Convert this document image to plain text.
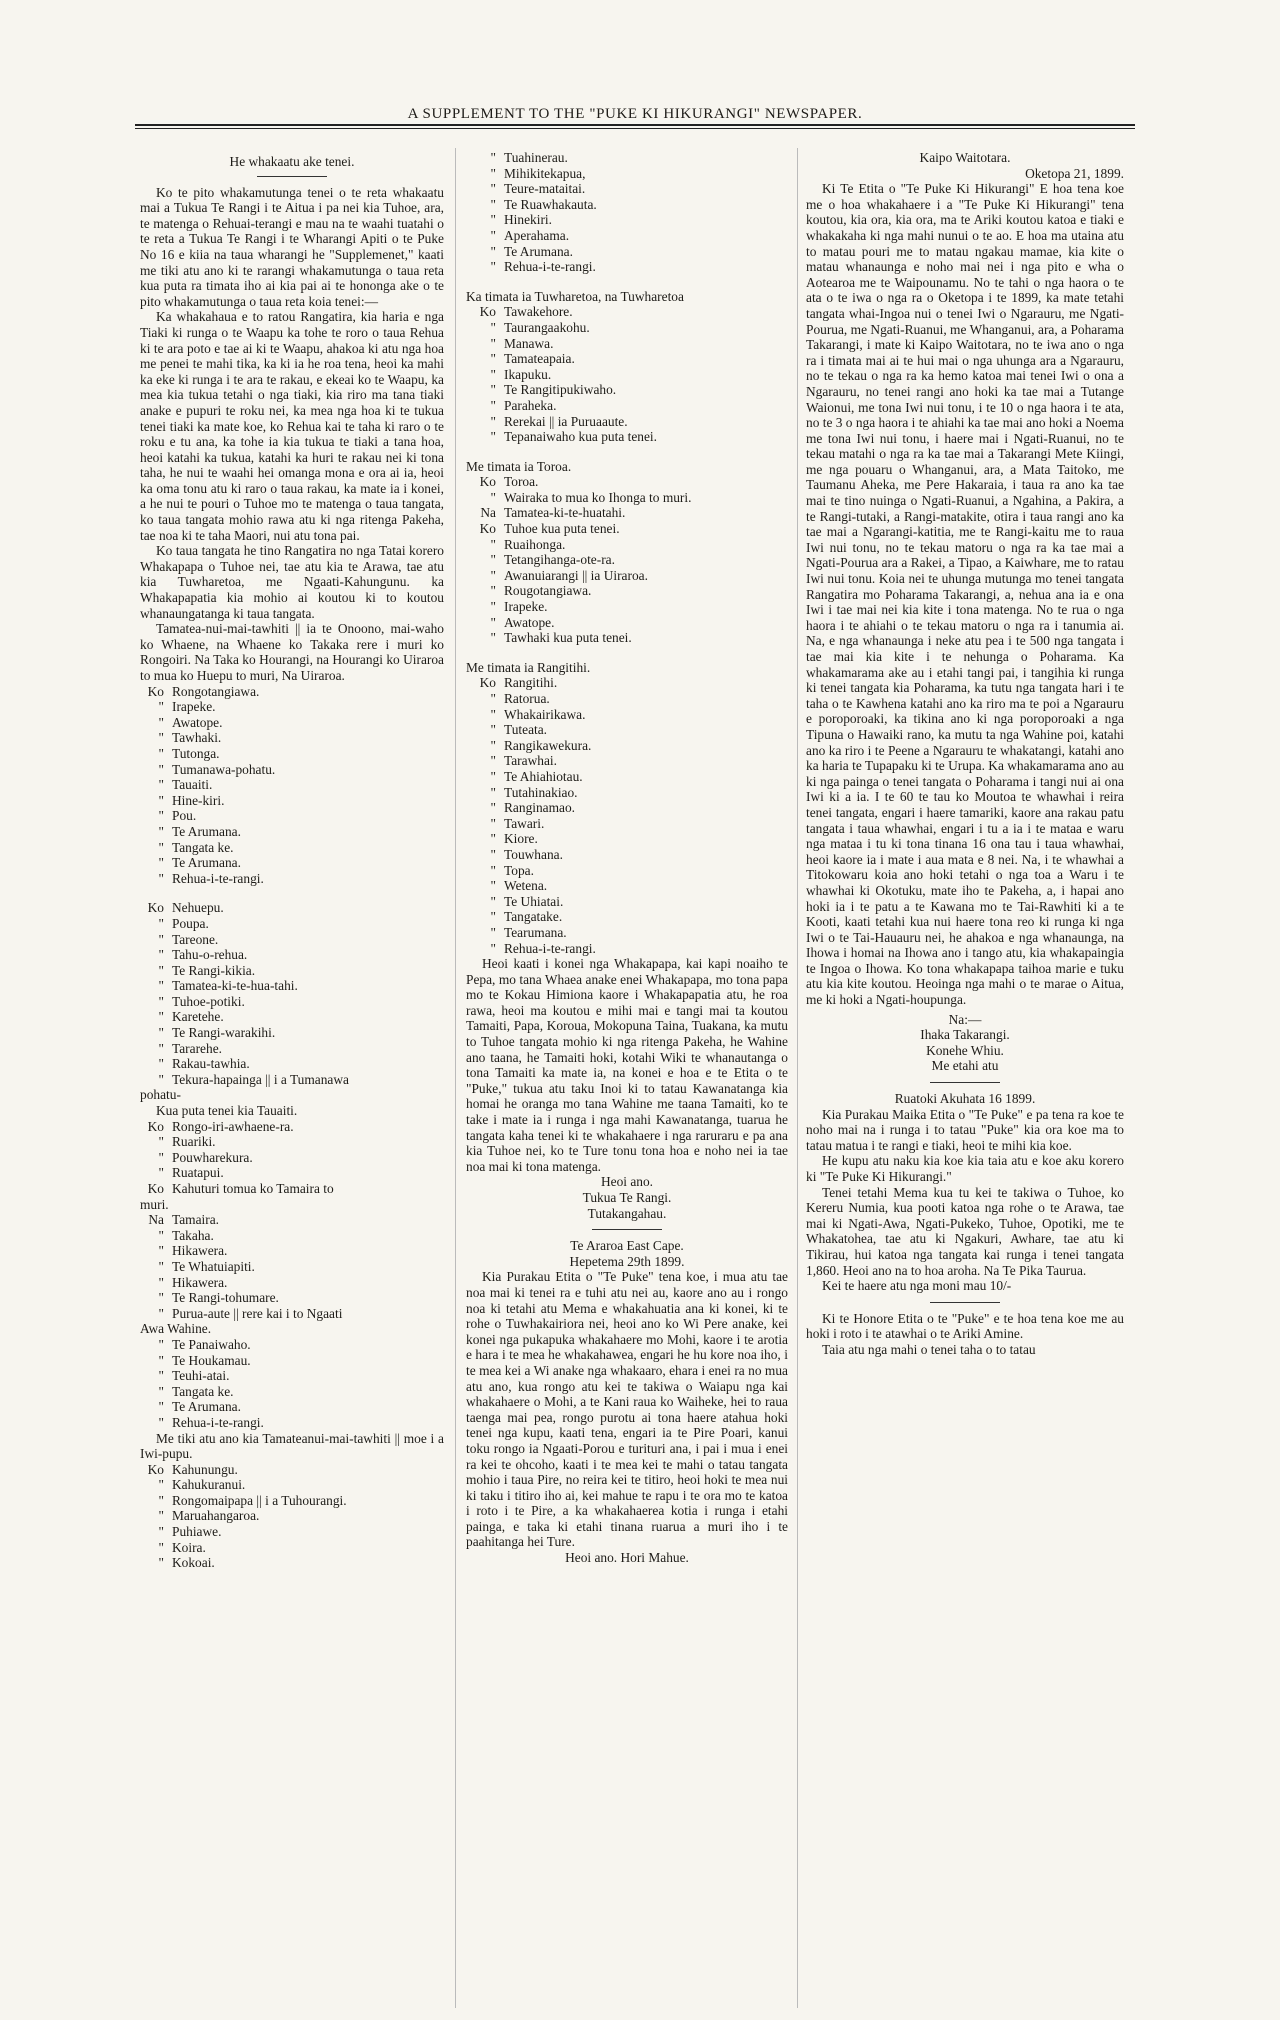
A SUPPLEMENT TO THE "PUKE KI HIKURANGI" NEWSPAPER.
He whakaatu ake tenei.

Ko te pito whakamutunga tenei o te reta whakaatu mai a Tukua Te Rangi i te Aitua i pa nei kia Tuhoe, ara, te matenga o Rehuai-terangi e mau na te waahi tuatahi o te reta a Tukua Te Rangi i te Wharangi Apiti o te Puke No 16 e kiia na taua wharangi he "Supplemenet," kaati me tiki atu ano ki te rarangi whakamutunga o taua reta kua puta ra timata iho ai kia pai ai te hononga ake o te pito whakamutunga o taua reta koia tenei:—

Ka whakahaua e to ratou Rangatira, kia haria e nga Tiaki ki runga o te Waapu ka tohe te roro o taua Rehua ki te ara poto e tae ai ki te Waapu, ahakoa ki atu nga hoa me penei te mahi tika, ka ki ia he roa tena, heoi ka mahi ka eke ki runga i te ara te rakau, e ekeai ko te Waapu, ka mea kia tukua tetahi o nga tiaki, kia riro ma tana tiaki anake e pupuri te roku nei, ka mea nga hoa ki te tukua tenei tiaki ka mate koe, ko Rehua kai te taha ki raro o te roku e tu ana, ka tohe ia kia tukua te tiaki a tana hoa, heoi katahi ka tukua, katahi ka huri te rakau nei ki tona taha, he nui te waahi hei omanga mona e ora ai ia, heoi ka oma tonu atu ki raro o taua rakau, ka mate ia i konei, a he nui te pouri o Tuhoe mo te matenga o taua tangata, ko taua tangata mohio rawa atu ki nga ritenga Pakeha, tae noa ki te taha Maori, nui atu tona pai.

Ko taua tangata he tino Rangatira no nga Tatai korero Whakapapa o Tuhoe nei, tae atu kia te Arawa, tae atu kia Tuwharetoa, me Ngaati-Kahungunu. ka Whakapapatia kia mohio ai koutou ki to koutou whanaungatanga ki taua tangata.

Tamatea-nui-mai-tawhiti || ia te Onoono, mai-waho ko Whaene, na Whaene ko Takaka rere i muri ko Rongoiri. Na Taka ko Hourangi, na Hourangi ko Uiraroa to mua ko Huepu to muri, Na Uiraroa.

Ko Rongotangiawa.
" Irapeke.
" Awatope.
" Tawhaki.
" Tutonga.
" Tumanawa-pohatu.
" Tauaiti.
" Hine-kiri.
" Pou.
" Te Arumana.
" Tangata ke.
" Te Arumana.
" Rehua-i-te-rangi.
Ko Nehuepu.
" Poupa.
" Tareone.
" Tahu-o-rehua.
" Te Rangi-kikia.
" Tamatea-ki-te-hua-tahi.
" Tuhoe-potiki.
" Karetehe.
" Te Rangi-warakihi.
" Tararehe.
" Rakau-tawhia.
" Tekura-hapainga || i a Tumanawa

pohatu-

Kua puta tenei kia Tauaiti.

Ko Rongo-iri-awhaene-ra.
" Ruariki.
" Pouwharekura.
" Ruatapui.
Ko Kahuturi tomua ko Tamaira to

muri.

Na Tamaira.
" Takaha.
" Hikawera.
" Te Whatuiapiti.
" Hikawera.
" Te Rangi-tohumare.
" Purua-aute || rere kai i to Ngaati

Awa Wahine.

" Te Panaiwaho.
" Te Houkamau.
" Teuhi-atai.
" Tangata ke.
" Te Arumana.
" Rehua-i-te-rangi.

Me tiki atu ano kia Tamateanui-mai-tawhiti || moe i a Iwi-pupu.

Ko Kahunungu.
" Kahukuranui.
" Rongomaipapa || i a Tuhourangi.
" Maruahangaroa.
" Puhiawe.
" Koira.
" Kokoai.
" Tuahinerau.
" Mihikitekapua,
" Teure-mataitai.
" Te Ruawhakauta.
" Hinekiri.
" Aperahama.
" Te Arumana.
" Rehua-i-te-rangi.

Ka timata ia Tuwharetoa, na Tuwharetoa

Ko Tawakehore.
" Taurangaakohu.
" Manawa.
" Tamateapaia.
" Ikapuku.
" Te Rangitipukiwaho.
" Paraheka.
" Rerekai || ia Puruaaute.
" Tepanaiwaho kua puta tenei.

Me timata ia Toroa.

Ko Toroa.
" Wairaka to mua ko Ihonga to muri.
Na Tamatea-ki-te-huatahi.
Ko Tuhoe kua puta tenei.
" Ruaihonga.
" Tetangihanga-ote-ra.
" Awanuiarangi || ia Uiraroa.
" Rougotangiawa.
" Irapeke.
" Awatope.
" Tawhaki kua puta tenei.

Me timata ia Rangitihi.

Ko Rangitihi.
" Ratorua.
" Whakairikawa.
" Tuteata.
" Rangikawekura.
" Tarawhai.
" Te Ahiahiotau.
" Tutahinakiao.
" Ranginamao.
" Tawari.
" Kiore.
" Touwhana.
" Topa.
" Wetena.
" Te Uhiatai.
" Tangatake.
" Tearumana.
" Rehua-i-te-rangi.

Heoi kaati i konei nga Whakapapa, kai kapi noaiho te Pepa, mo tana Whaea anake enei Whakapapa, mo tona papa mo te Kokau Himiona kaore i Whakapapatia atu, he roa rawa, heoi ma koutou e mihi mai e tangi mai ta koutou Tamaiti, Papa, Koroua, Mokopuna Taina, Tuakana, ka mutu to Tuhoe tangata mohio ki nga ritenga Pakeha, he Wahine ano taana, he Tamaiti hoki, kotahi Wiki te whanautanga o tona Tamaiti ka mate ia, na konei e hoa e te Etita o te "Puke," tukua atu taku Inoi ki to tatau Kawanatanga kia homai he oranga mo tana Wahine me taana Tamaiti, ko te take i mate ia i runga i nga mahi Kawanatanga, tuarua he tangata kaha tenei ki te whakahaere i nga raruraru e pa ana kia Tuhoe nei, ko te Ture tonu tona hoa e noho nei ia tae noa mai ki tona matenga.

Heoi ano.
Tukua Te Rangi.
Tutakangahau.
Te Araroa East Cape.
Hepetema 29th 1899.

Kia Purakau Etita o "Te Puke" tena koe, i mua atu tae noa mai ki tenei ra e tuhi atu nei au, kaore ano au i rongo noa ki tetahi atu Mema e whakahuatia ana ki konei, ki te rohe o Tuwhakairiora nei, heoi ano ko Wi Pere anake, kei konei nga pukapuka whakahaere mo Mohi, kaore i te arotia e hara i te mea he whakahawea, engari he hu kore noa iho, i te mea kei a Wi anake nga whakaaro, ehara i enei ra no mua atu ano, kua rongo atu kei te takiwa o Waiapu nga kai whakahaere o Mohi, a te Kani raua ko Waiheke, hei to raua taenga mai pea, rongo purotu ai tona haere atahua hoki tenei nga kupu, kaati tena, engari ia te Pire Poari, kanui toku rongo ia Ngaati-Porou e turituri ana, i pai i mua i enei ra kei te ohcoho, kaati i te mea kei te mahi o tatau tangata mohio i taua Pire, no reira kei te titiro, heoi hoki te mea nui ki taku i titiro iho ai, kei mahue te rapu i te ora mo te katoa i roto i te Pire, a ka whakahaerea kotia i runga i etahi painga, e taka ki etahi tinana ruarua a muri iho i te paahitanga hei Ture.

Heoi ano. Hori Mahue.
Kaipo Waitotara.
Oketopa 21, 1899.

Ki Te Etita o "Te Puke Ki Hikurangi" E hoa tena koe me o hoa whakahaere i a "Te Puke Ki Hikurangi" tena koutou, kia ora, kia ora, ma te Ariki koutou katoa e tiaki e whakakaha ki nga mahi nunui o te ao. E hoa ma utaina atu to matau pouri me to matau ngakau mamae, kia kite o matau whanaunga e noho mai nei i nga pito e wha o Aotearoa me te Waipounamu. No te tahi o nga haora o te ata o te iwa o nga ra o Oketopa i te 1899, ka mate tetahi tangata whai-Ingoa nui o tenei Iwi o Ngarauru, me Ngati-Pourua, me Ngati-Ruanui, me Whanganui, ara, a Poharama Takarangi, i mate ki Kaipo Waitotara, no te iwa ano o nga ra i timata mai ai te hui mai o nga uhunga ara a Ngarauru, no te tekau o nga ra ka hemo katoa mai tenei Iwi o ona a Ngarauru, no tenei rangi ano hoki ka tae mai a Tutange Waionui, me tona Iwi nui tonu, i te 10 o nga haora i te ata, no te 3 o nga haora i te ahiahi ka tae mai ano hoki a Noema me tona Iwi nui tonu, i haere mai i Ngati-Ruanui, no te tekau matahi o nga ra ka tae mai a Takarangi Mete Kiingi, me nga pouaru o Whanganui, ara, a Mata Taitoko, me Taumanu Aheka, me Pere Hakaraia, i taua ra ano ka tae mai te tino nuinga o Ngati-Ruanui, a Ngahina, a Pakira, a te Rangi-tutaki, a Rangi-matakite, otira i taua rangi ano ka tae mai a Ngarangi-katitia, me te Rangi-kaitu me to raua Iwi nui tonu, no te tekau matoru o nga ra ka tae mai a Ngati-Pourua ara a Rakei, a Tipao, a Kaiwhare, me to ratau Iwi nui tonu. Koia nei te uhunga mutunga mo tenei tangata Rangatira mo Poharama Takarangi, a, nehua ana ia e ona Iwi i tae mai nei kia kite i tona matenga. No te rua o nga haora i te ahiahi o te tekau matoru o nga ra i tanumia ai. Na, e nga whanaunga i neke atu pea i te 500 nga tangata i tae mai kia kite i te nehunga o Poharama. Ka whakamarama ake au i etahi tangi pai, i tangihia ki runga ki tenei tangata kia Poharama, ka tutu nga tangata hari i te taha o te Kawhena katahi ano ka riro ma te poi a Ngarauru e poroporoaki, ka tikina ano ki nga poroporoaki a nga Tipuna o Hawaiki rano, ka mutu ta nga Wahine poi, katahi ano ka riro i te Peene a Ngarauru te whakatangi, katahi ano ka haria te Tupapaku ki te Urupa. Ka whakamarama ano au ki nga painga o tenei tangata o Poharama i tangi nui ai ona Iwi ki a ia. I te 60 te tau ko Moutoa te whawhai i reira tenei tangata, engari i haere tamariki, kaore ana rakau patu tangata i taua whawhai, engari i tu a ia i te mataa e waru nga mataa i tu ki tona tinana 16 ona tau i taua whawhai, heoi kaore ia i mate i aua mata e 8 nei. Na, i te whawhai a Titokowaru koia ano hoki tetahi o nga toa a Waru i te whawhai ki Okotuku, mate iho te Pakeha, a, i hapai ano hoki ia i te patu a te Kawana mo te Tai-Rawhiti ki a te Kooti, kaati tetahi kua nui haere tona reo ki runga ki nga Iwi o te Tai-Hauauru nei, he ahakoa e nga whanaunga, na Ihowa i homai na Ihowa ano i tango atu, kia whakapaingia te Ingoa o Ihowa. Ko tona whakapapa taihoa marie e tuku atu kia kite koutou. Heoinga nga mahi o te marae o Aitua, me ki hoki a Ngati-houpunga.

Na:—
Ihaka Takarangi.
Konehe Whiu.
Me etahi atu
Ruatoki Akuhata 16 1899.

Kia Purakau Maika Etita o "Te Puke" e pa tena ra koe te noho mai na i runga i to tatau "Puke" kia ora koe ma to tatau matua i te rangi e tiaki, heoi te mihi kia koe.

He kupu atu naku kia koe kia taia atu e koe aku korero ki "Te Puke Ki Hikurangi."

Tenei tetahi Mema kua tu kei te takiwa o Tuhoe, ko Kereru Numia, kua pooti katoa nga rohe o te Arawa, tae mai ki Ngati-Awa, Ngati-Pukeko, Tuhoe, Opotiki, me te Whakatohea, tae atu ki Ngakuri, Awhare, tae atu ki Tikirau, hui katoa nga tangata kai runga i tenei tangata 1,860. Heoi ano na to hoa aroha. Na Te Pika Taurua.

Kei te haere atu nga moni mau 10/-

Ki te Honore Etita o te "Puke" e te hoa tena koe me au hoki i roto i te atawhai o te Ariki Amine.

Taia atu nga mahi o tenei taha o to tatau
